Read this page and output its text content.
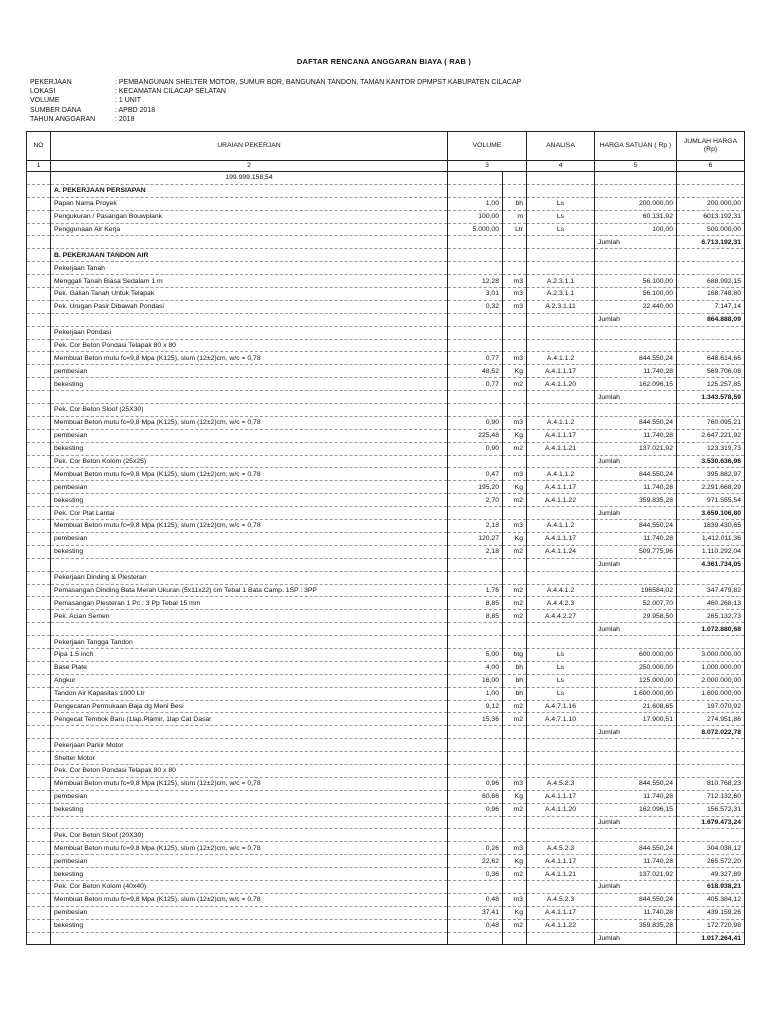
DAFTAR RENCANA ANGGARAN BIAYA ( RAB )
PEKERJAAN	: PEMBANGUNAN SHELTER MOTOR, SUMUR BOR, BANGUNAN TANDON, TAMAN KANTOR DPMPST KABUPATEN CILACAP
LOKASI	: KECAMATAN CILACAP SELATAN
VOLUME	: 1 UNIT
SUMBER DANA	: APBD 2018
TAHUN ANGGARAN	: 2018
NO	URAIAN PEKERJAN	VOLUME		ANALISA	HARGA SATUAN ( Rp )	JUMLAH HARGA (Rp)
1	2	3		4	5	6
	199.999.158,54					
	A. PEKERJAAN PERSIAPAN					
	Papan Nama Proyek	1,00	bh	Ls	200.000,00	200.000,00
	Pengukuran / Pasangan Bouwplank	100,00	m	Ls	60.131,92	6013.192,31
	Penggunaan Air Kerja	5.000,00	Ltr	Ls	100,00	500.000,00
					Jumlah	6.713.192,31
	B. PEKERJAAN TANDON AIR					
	Pekerjaan Tanah					
	Menggali Tanah Biasa Sedalam 1 m	12,28	m3	A.2.3.1.1	56.100,00	688.992,15
	Pek. Galian Tanah Untuk Telapak	3,01	m3	A.2.3.1.1	56.100,00	168.748,80
	Pek. Urugan Pasir Dibawah Pondasi	0,32	m3	A.2.3.1.11	22.440,00	7.147,14
					Jumlah	864.888,09
	Pekerjaan Pondasi					
	Pek. Cor Beton Pondasi Telapak 80 x 80					
	Membuat Beton mutu fc=9,8 Mpa (K125), slum (12±2)cm, w/c = 0,78	0,77	m3	A.4.1.1.2	844.550,24	648.614,66
	pembesian	48,52	Kg	A.4.1.1.17	11.740,28	569.706,08
	bekesting	0,77	m2	A.4.1.1.20	162.096,15	125.257,85
					Jumlah	1.343.578,59
	Pek. Cor Beton Sloof (25X30)					
	Membuat Beton mutu fc=9,8 Mpa (K125), slum (12±2)cm, w/c = 0,78	0,90	m3	A.4.1.1.2	844.550,24	760.095,21
	pembesian	225,48	Kg	A.4.1.1.17	11.740,28	2.647.221,92
	bekesting	0,90	m2	A.4.1.1.21	137.021,92	123.319,73
	Pek. Cor Beton Kolom (25x25)				Jumlah	3.530.636,96
	Membuat Beton mutu fc=9,8 Mpa (K125), slum (12±2)cm, w/c = 0,78	0,47	m3	A.4.1.1.2	844.550,24	395.882,97
	pembesian	195,20	Kg	A.4.1.1.17	11.740,28	2.291.668,29
	bekesting	2,70	m2	A.4.1.1.22	359.835,28	971.555,54
	Pek. Cor Plat Lantai				Jumlah	3.659.106,80
	Membuat Beton mutu fc=9,8 Mpa (K125), slum (12±2)cm, w/c = 0,78	2,18	m3	A.4.1.1.2	844.550,24	1839.430,65
	pembesian	120,27	Kg	A.4.1.1.17	11.740,28	1.412.011,36
	bekesting	2,18	m2	A.4.1.1.24	509.775,96	1.110.292,04
					Jumlah	4.361.734,05
	Pekerjaan Dinding & Plesteran					
	Pemasangan Dinding Bata Merah Ukuran (5x11x22) cm Tebal 1 Bata Camp. 1SP : 3PP	1,76	m2	A.4.4.1.2	196584,02	347.479,82
	Pemasangan Plesteran 1 Pc : 3 Pp Tebal 15 mm	8,85	m2	A.4.4.2.3	52.007,70	460.268,13
	Pek. Acian Semen	8,85	m2	A.4.4.2.27	29.958,50	265.132,73
					Jumlah	1.072.880,68
	Pekerjaan Tangga Tandon					
	Pipa 1.5 inch	5,00	btg	Ls	600.000,00	3.000.000,00
	Base Plate	4,00	bh	Ls	250.000,00	1.000.000,00
	Angkur	16,00	bh	Ls	125.000,00	2.000.000,00
	Tandon Air Kapasitas 1000 Ltr	1,00	bh	Ls	1.600.000,00	1.600.000,00
	Pengecatan Permukaan Baja dg Meni Besi	9,12	m2	A.4.7.1.16	21.608,65	197.070,92
	Pengecat Tembok Baru (1lap.Plamir, 1lap Cat Dasar	15,36	m2	A.4.7.1.10	17.900,51	274.951,86
					Jumlah	8.072.022,78
	Pekerjaan Parkir Motor					
	Shelter Motor					
	Pek. Cor Beton Pondasi Telapak 80 x 80					
	Membuat Beton mutu fc=9,8 Mpa (K125), slum (12±2)cm, w/c = 0,78	0,96	m3	A.4.5.2.3	844.550,24	810.768,23
	pembesian	60,66	Kg	A.4.1.1.17	11.740,28	712.132,60
	bekesting	0,96	m2	A.4.1.1.20	162.096,15	156.572,31
					Jumlah	1.679.473,24
	Pek. Cor Beton Sloof (20X30)					
	Membuat Beton mutu fc=9,8 Mpa (K125), slum (12±2)cm, w/c = 0,78	0,26	m3	A.4.5.2.3	844.550,24	304.038,12
	pembesian	22,62	Kg	A.4.1.1.17	11.740,28	265.572,20
	bekesting	0,36	m2	A.4.1.1.21	137.021,92	49.327,89
	Pek. Cor Beton Kolom (40x40)				Jumlah	618.938,21
	Membuat Beton mutu fc=9,8 Mpa (K125), slum (12±2)cm, w/c = 0,78	0,48	m3	A.4.5.2.3	844.550,24	405.384,12
	pembesian	37,41	Kg	A.4.1.1.17	11.740,28	439.159,26
	bekesting	0,48	m2	A.4.1.1.22	359.835,28	172.720,98
					Jumlah	1.017.264,41
